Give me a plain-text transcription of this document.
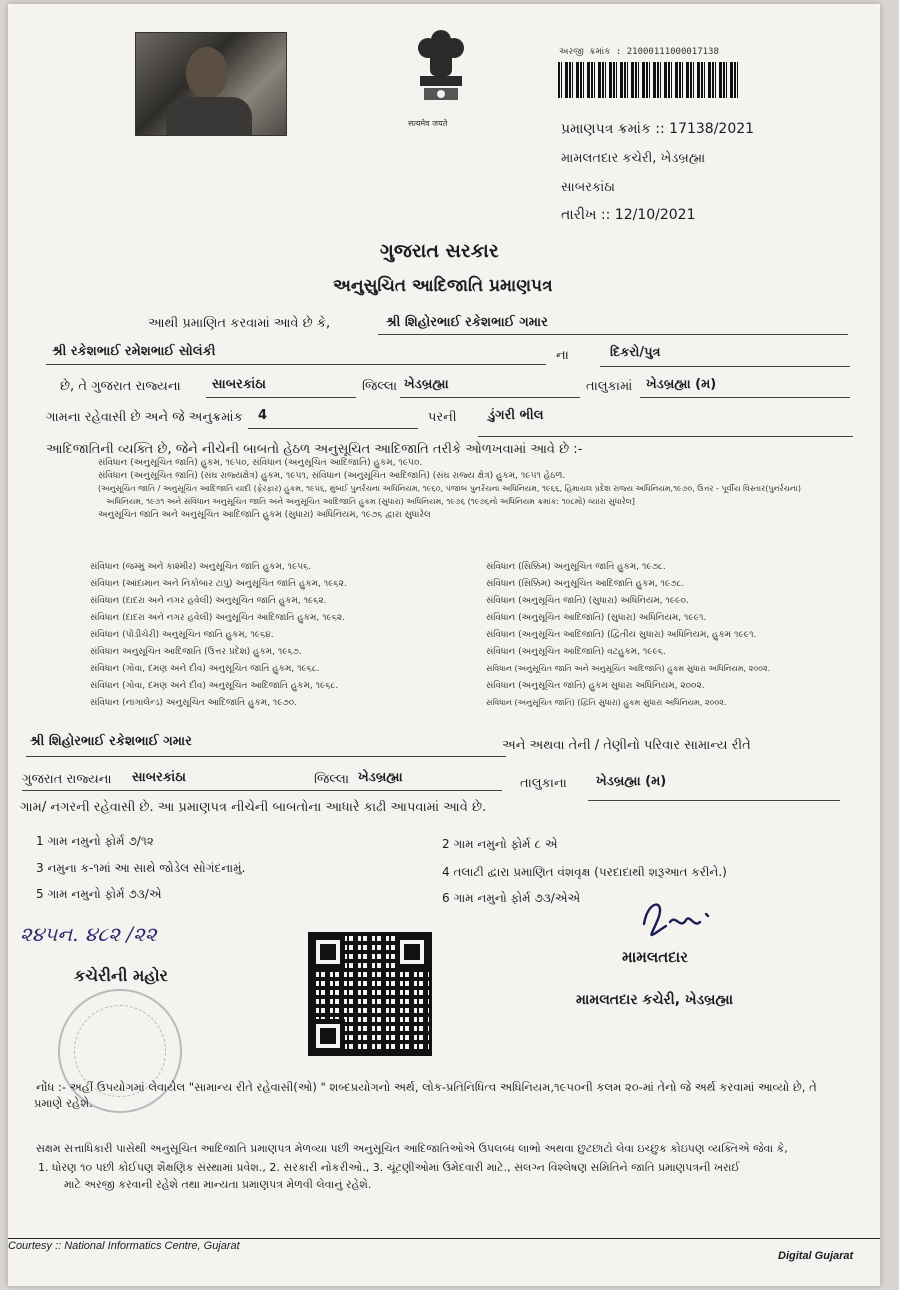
सत्यमेव जयते
અરજી ક્રમાંક : 21000111000017138
પ્રમાણપત્ર ક્રમાંક :: 17138/2021
મામલતદાર કચેરી, ખેડબ્રહ્મા
સાબરકાંઠા
તારીખ :: 12/10/2021
ગુજરાત સરકાર
અનુસુચિત આદિજાતિ પ્રમાણપત્ર
આથી પ્રમાણિત કરવામાં આવે છે કે,	શ્રી શિહોરભાઈ રકેશભાઈ ગમાર
શ્રી રકેશભાઈ રમેશભાઈ સોલંકી	ના	દિકરો/પુત્ર
છે, તે ગુજરાત રાજ્યના સાબરકાંઠા	જિલ્લા ખેડબ્રહ્મા	તાલુકામાં ખેડબ્રહ્મા (મ)
ગામના રહેવાસી છે અને જે અનુક્રમાંક 4	પરની ડુંગરી ભીલ
આદિજાતિની વ્યક્તિ છે, જેને નીચેની બાબતો હેઠળ અનુસૂચિત આદિજાતિ તરીકે ઓળખવામાં આવે છે :-
સંવિધાન (અનુસૂચિત જાતિ) હુકમ, ૧૯૫૦, સંવિધાન (અનુસૂચિત આદિજાતિ) હુકમ, ૧૯૫૦.
સંવિધાન (અનુસૂચિત જાતિ) (સંઘ રાજ્યક્ષેત્ર) હુકમ, ૧૯૫૧, સંવિધાન (અનુસૂચિત આદિજાતિ) (સંઘ રાજ્ય ક્ષેત્ર) હુકમ, ૧૯૫૧ હેઠળ.
(અનુસૂચિત જાતિ / અનુસૂચિત આદિજાતિ યાદી (ફેરફાર) હુકમ, ૧૯૫૬, મુંબઈ પુનર્રચના અધિનિયમ, ૧૯૬૦, પંજાબ પુનર્રચના અધિનિયમ, ૧૯૬૬, હિમાચલ પ્રદેશ રાજ્ય અધિનિયમ,૧૯૭૦, ઉત્તર - પૂર્વીય વિસ્તાર(પુનર્રચના)
અધિનિયમ, ૧૯૭૧ અને સંવિધાન અનુસૂચિત જાતિ અને અનુસૂચિત આદિજાતિ હુકમ (સુધારા) અધિનિયમ, ૧૯૭૬ (૧૯૭૬નો અધિનિયમ ક્રમાંક: ૧૦૮મો) વ્યારા સુધારેલ]
અનુસૂચિત જાતિ અને અનુસૂચિત આદિજાતિ હુકમ (સુધારા) અધિનિયમ, ૧૯૭૬ દ્વારા સુધારેલ
સંવિધાન (જમ્મુ અને કાશ્મીર) અનુસૂચિત જાતિ હુકમ, ૧૯૫૬.
સંવિધાન (આંદામાન અને નિકોબાર ટાપુ) અનુસૂચિત જાતિ હુકમ, ૧૯૬૨.
સંવિધાન (દાદરા અને નગર હવેલી) અનુસૂચિત જાતિ હુકમ, ૧૯૬૨.
સંવિધાન (દાદરા અને નગર હવેલી) અનુસૂચિત આદિજાતિ હુકમ, ૧૯૬૨.
સંવિધાન (પોંડીચેરી) અનુસૂચિત જાતિ હુકમ, ૧૯૬૪.
સંવિધાન અનુસૂચિત આદિજાતિ (ઉત્તર પ્રદેશ) હુકમ, ૧૯૬૭.
સંવિધાન (ગોવા, દમણ અને દીવ) અનુસૂચિત જાતિ હુકમ, ૧૯૬૮.
સંવિધાન (ગોવા, દમણ અને દીવ) અનુસૂચિત આદિજાતિ હુકમ, ૧૯૬૮.
સંવિધાન (નાગાલેન્ડ) અનુસૂચિત આદિજાતિ હુકમ, ૧૯૭૦.
સંવિધાન (સિક્કિમ) અનુસૂચિત જાતિ હુકમ, ૧૯૭૮.
સંવિધાન (સિક્કિમ) અનુસૂચિત આદિજાતિ હુકમ, ૧૯૭૮.
સંવિધાન (અનુસૂચિત જાતિ) (સુધારા) અધિનિયમ, ૧૯૯૦.
સંવિધાન (અનુસૂચિત આદિજાતિ) (સુધારા) અધિનિયમ, ૧૯૯૧.
સંવિધાન (અનુસૂચિત આદિજાતિ) (દ્વિતીય સુધારા) અધિનિયમ, હુકમ ૧૯૯૧.
સંવિધાન (અનુસૂચિત આદિજાતિ) વટહુકમ, ૧૯૯૬.
સંવિધાન (અનુસૂચિત જાતિ અને અનુસૂચિત આદિજાતિ) હુકમ સુધારા અધિનિયમ, ૨૦૦૨.
સંવિધાન (અનુસૂચિત જાતિ) હુકમ સુધારા અધિનિયમ, ૨૦૦૨.
સંવિધાન (અનુસૂચિત જાતિ) (દ્વિતિ સુધારા) હુકમ સુધારા અધિનિયમ, ૨૦૦૨.
શ્રી શિહોરભાઈ રકેશભાઈ ગમાર	અને અથવા તેની / તેણીનો પરિવાર સામાન્ય રીતે
ગુજરાત રાજ્યના સાબરકાંઠા	જિલ્લા ખેડબ્રહ્મા	તાલુકાના ખેડબ્રહ્મા (મ)
ગામ/ નગરની રહેવાસી છે. આ પ્રમાણપત્ર નીચેની બાબતોના આધારે કાઢી આપવામાં આવે છે.
1 ગામ નમુનો ફોર્મ ૭/૧૨	2 ગામ નમુનો ફોર્મ ૮ એ
3 નમુના ક-૧માં આ સાથે જોડેલ સોગંદનામું.	4 તલાટી દ્વારા પ્રમાણિત વંશવૃક્ષ (પરદાદાથી શરૂઆત કરીને.)
5 ગામ નમુનો ફોર્મ ૭૩/એ	6 ગામ નમુનો ફોર્મ ૭૩/એએ
૨૪૫ન. ૪૮૨ /૨૨
કચેરીની મહોર
મામલતદાર
મામલતદાર કચેરી, ખેડબ્રહ્મા
નોંધ :- અહીં ઉપયોગમાં લેવાયેલ "સામાન્ય રીતે રહેવાસી(ઓ) " શબ્દપ્રયોગનો અર્થ, લોક-પ્રતિનિધિત્વ અધિનિયમ,૧૯૫૦ની કલમ ૨૦-માં તેનો જે અર્થ કરવામાં આવ્યો છે, તે
પ્રમાણે રહેશે.
સક્ષમ સત્તાધિકારી પાસેથી અનુસૂચિત આદિજાતિ પ્રમાણપત્ર મેળવ્યા પછી અનુસૂચિત આદિજાતિઓએ ઉપલબ્ધ લાભો અથવા છુટછાટો લેવા ઇચ્છુક કોઇપણ વ્યક્તિએ જેવા કે,
1. ધોરણ ૧૦ પછી કોઈપણ શૈક્ષણિક સંસ્થામાં પ્રવેશ., 2. સરકારી નોકરીઓ., 3. ચૂંટણીઓમાં ઉમેદવારી માટે., સંલગ્ન વિશ્લેષણ સમિતિને જાતિ પ્રમાણપત્રની ખરાઈ
માટે અરજી કરવાની રહેશે તથા માન્યતા પ્રમાણપત્ર મેળવી લેવાનું રહેશે.
Courtesy :: National Informatics Centre, Gujarat
Digital Gujarat
